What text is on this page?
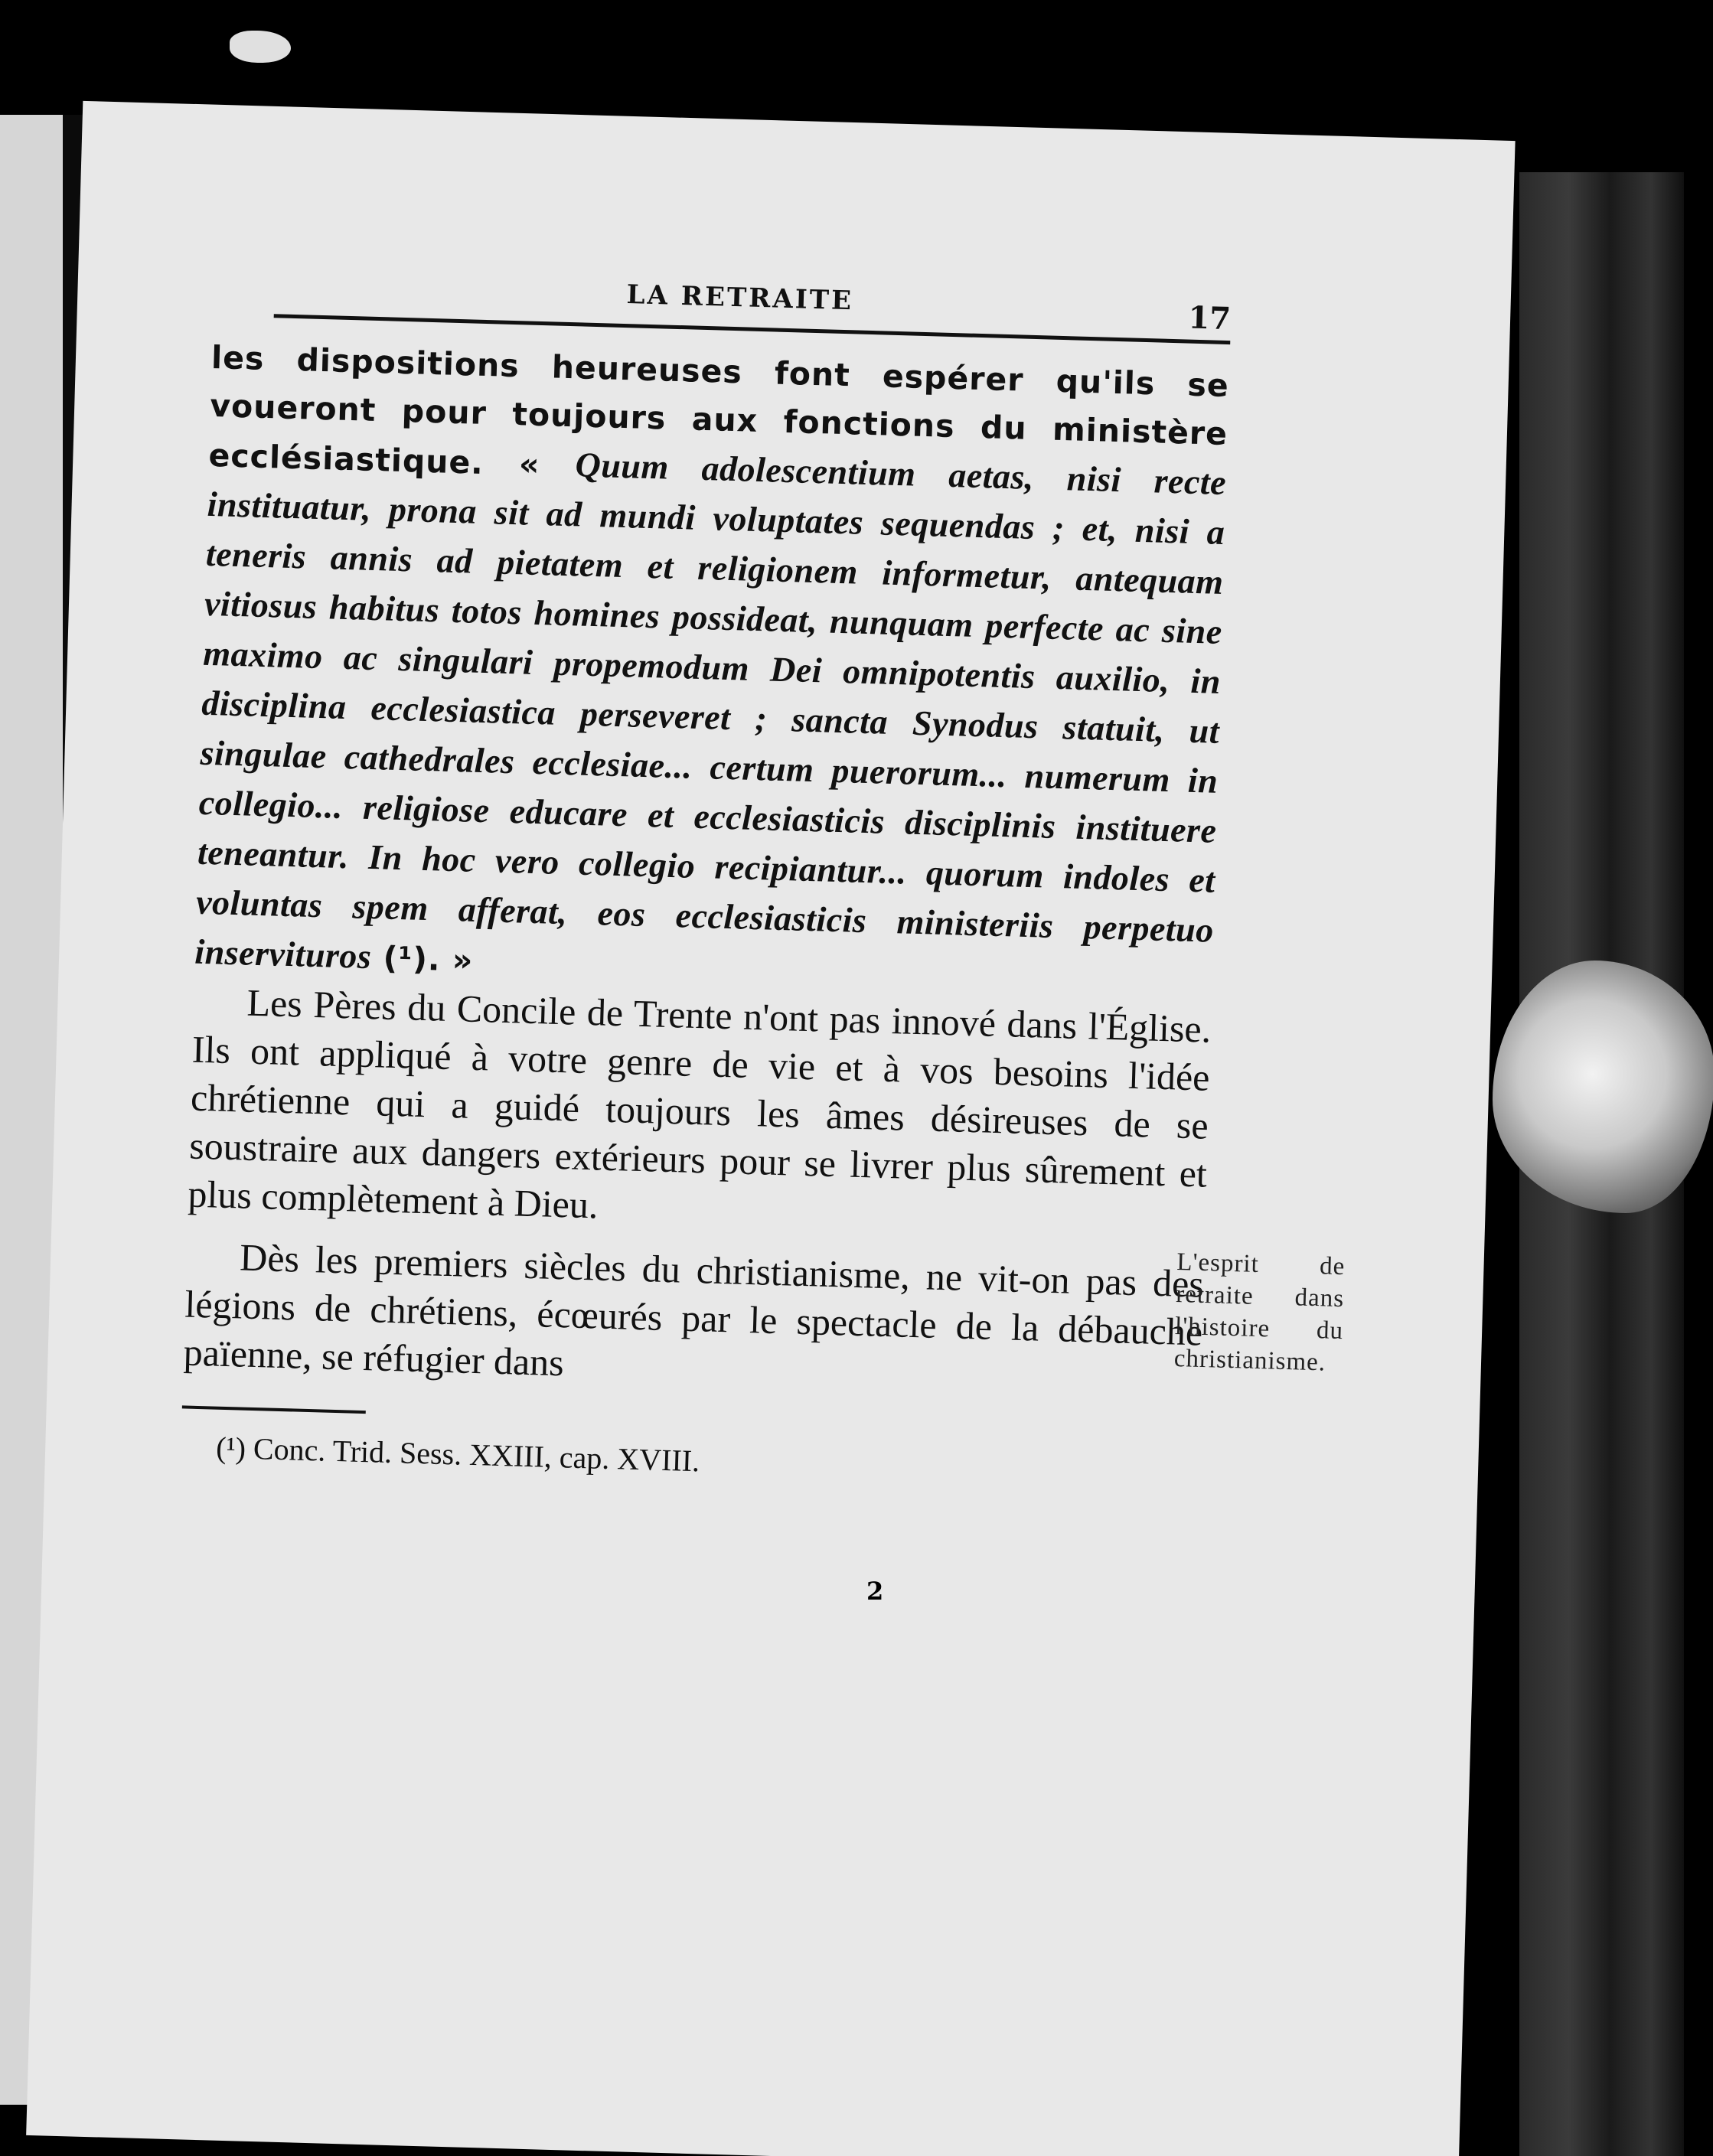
LA RETRAITE
17

les dispositions heureuses font espérer qu'ils se voueront pour toujours aux fonctions du ministère ecclésiastique. « Quum adolescentium aetas, nisi recte instituatur, prona sit ad mundi voluptates sequendas ; et, nisi a teneris annis ad pietatem et religionem informetur, antequam vitiosus habitus totos homines possideat, nunquam perfecte ac sine maximo ac singulari propemodum Dei omnipotentis auxilio, in disciplina ecclesiastica perseveret ; sancta Synodus statuit, ut singulae cathedrales ecclesiae... certum puerorum... numerum in collegio... religiose educare et ecclesiasticis disciplinis instituere teneantur. In hoc vero collegio recipiantur... quorum indoles et voluntas spem afferat, eos ecclesiasticis ministeriis perpetuo inservituros (¹). »

Les Pères du Concile de Trente n'ont pas innové dans l'Église. Ils ont appliqué à votre genre de vie et à vos besoins l'idée chrétienne qui a guidé toujours les âmes désireuses de se soustraire aux dangers extérieurs pour se livrer plus sûrement et plus complètement à Dieu.

Dès les premiers siècles du christianisme, ne vit-on pas des légions de chrétiens, écœurés par le spectacle de la débauche païenne, se réfugier dans

(¹) Conc. Trid. Sess. XXIII, cap. XVIII.
L'esprit de retraite dans l'histoire du christianisme.
2
